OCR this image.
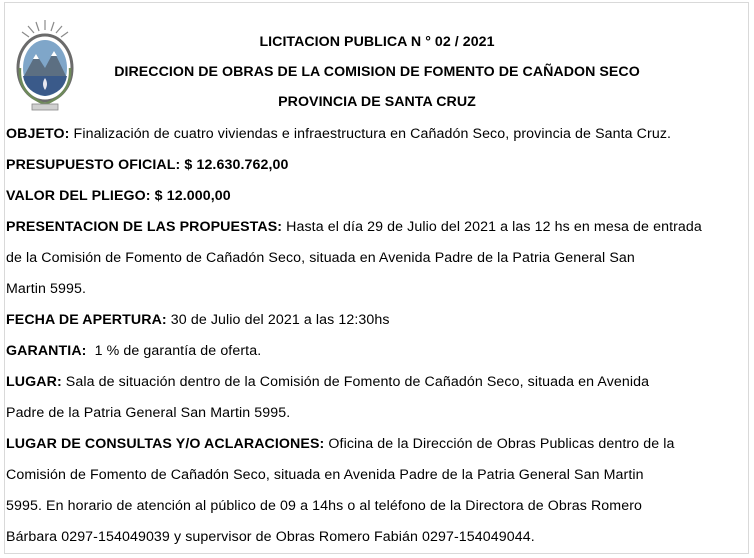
LICITACION PUBLICA N ° 02 / 2021
DIRECCION DE OBRAS DE LA COMISION DE FOMENTO DE CAÑADON SECO
PROVINCIA DE SANTA CRUZ
OBJETO: Finalización de cuatro viviendas e infraestructura en Cañadón Seco, provincia de Santa Cruz.
PRESUPUESTO OFICIAL: $ 12.630.762,00
VALOR DEL PLIEGO: $ 12.000,00
PRESENTACION DE LAS PROPUESTAS: Hasta el día 29 de Julio del 2021 a las 12 hs en mesa de entrada
de la Comisión de Fomento de Cañadón Seco, situada en Avenida Padre de la Patria General San
Martin 5995.
FECHA DE APERTURA: 30 de Julio del 2021 a las 12:30hs
GARANTIA:  1 % de garantía de oferta.
LUGAR: Sala de situación dentro de la Comisión de Fomento de Cañadón Seco, situada en Avenida
Padre de la Patria General San Martin 5995.
LUGAR DE CONSULTAS Y/O ACLARACIONES: Oficina de la Dirección de Obras Publicas dentro de la
Comisión de Fomento de Cañadón Seco, situada en Avenida Padre de la Patria General San Martin
5995. En horario de atención al público de 09 a 14hs o al teléfono de la Directora de Obras Romero
Bárbara 0297-154049039 y supervisor de Obras Romero Fabián 0297-154049044.
